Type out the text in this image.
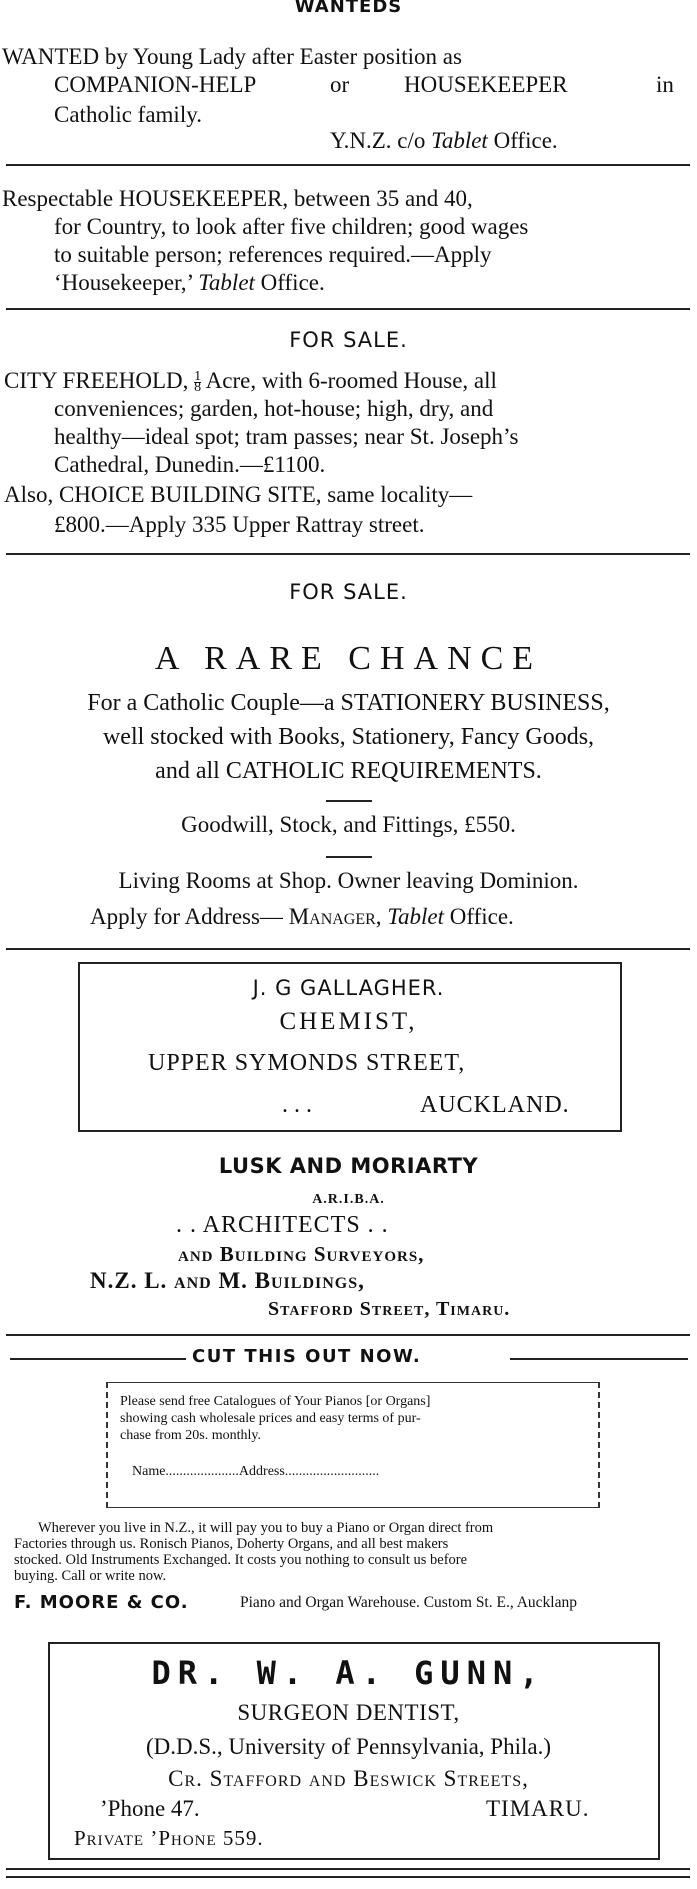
WANTEDS
WANTED by Young Lady after Easter position as
COMPANION-HELP	or HOUSEKEEPER	in
Catholic family.
Y.N.Z. c/o Tablet Office.
Respectable HOUSEKEEPER, between 35 and 40,
for Country, to look after five children; good wages
to suitable person; references required.—Apply
‘Housekeeper,’ Tablet Office.
FOR SALE.
CITY FREEHOLD, $\frac{1}{8}$ Acre, with 6-roomed House, all
conveniences; garden, hot-house; high, dry, and
healthy—ideal spot; tram passes; near St. Joseph’s
Cathedral, Dunedin.—£1100.
Also, CHOICE BUILDING SITE, same locality—
£800.—Apply 335 Upper Rattray street.
FOR SALE.
A RARE CHANCE
For a Catholic Couple—a STATIONERY BUSINESS,
well stocked with Books, Stationery, Fancy Goods,
and all CATHOLIC REQUIREMENTS.
Goodwill, Stock, and Fittings, £550.
Living Rooms at Shop. Owner leaving Dominion.
Apply for Address— Manager, Tablet Office.
J. G GALLAGHER.
CHEMIST,
UPPER SYMONDS STREET,
. . .	AUCKLAND.
LUSK AND MORIARTY
A.R.I.B.A.
. . ARCHITECTS . .
and Building Surveyors,
N.Z. L. and M. Buildings,
Stafford Street, Timaru.
CUT THIS OUT NOW.
Please send free Catalogues of Your Pianos [or Organs]
showing cash wholesale prices and easy terms of pur-
chase from 20s. monthly.
Name.....................Address...........................
Wherever you live in N.Z., it will pay you to buy a Piano or Organ direct from
Factories through us. Ronisch Pianos, Doherty Organs, and all best makers
stocked. Old Instruments Exchanged. It costs you nothing to consult us before
buying. Call or write now.
F. MOORE & CO.	Piano and Organ Warehouse. Custom St. E., Aucklanp
DR. W. A. GUNN,
SURGEON DENTIST,
(D.D.S., University of Pennsylvania, Phila.)
Cr. Stafford and Beswick Streets,
’Phone 47.	TIMARU.
Private ’Phone 559.
